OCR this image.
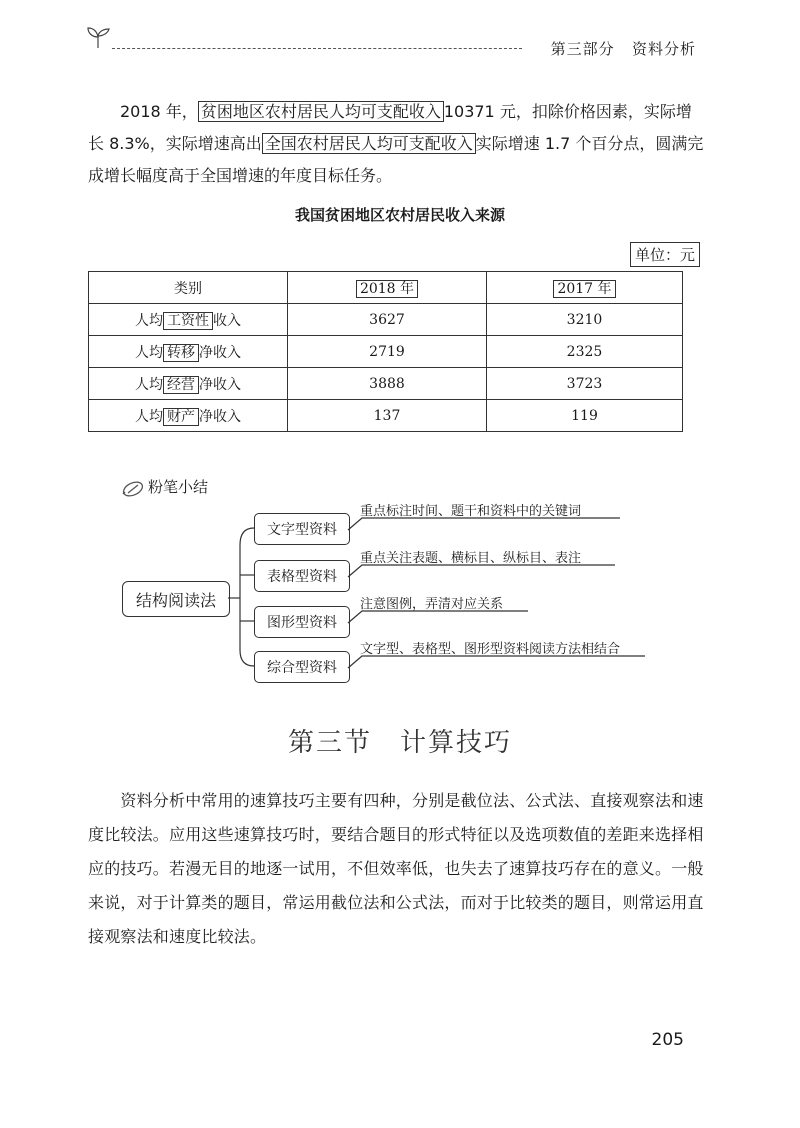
第三部分 资料分析
  2018 年， 贫困地区农村居民人均可支配收入 10371 元，扣除价格因素，实际增长 8.3%，实际增速高出 全国农村居民人均可支配收入 实际增速 1.7 个百分点，圆满完成增长幅度高于全国增速的年度目标任务。
我国贫困地区农村居民收入来源
单位：元
类别	2018 年	2017 年
人均 工资性 收入	3627	3210
人均 转移 净收入	2719	2325
人均 经营 净收入	3888	3723
人均 财产 净收入	137	119
粉笔小结
结构阅读法
文字型资料
表格型资料
图形型资料
综合型资料
重点标注时间、题干和资料中的关键词
重点关注表题、横标目、纵标目、表注
注意图例，弄清对应关系
文字型、表格型、图形型资料阅读方法相结合
第三节　计算技巧
  资料分析中常用的速算技巧主要有四种，分别是截位法、公式法、直接观察法和速度比较法。应用这些速算技巧时，要结合题目的形式特征以及选项数值的差距来选择相应的技巧。若漫无目的地逐一试用，不但效率低，也失去了速算技巧存在的意义。一般来说，对于计算类的题目，常运用截位法和公式法，而对于比较类的题目，则常运用直接观察法和速度比较法。
205
